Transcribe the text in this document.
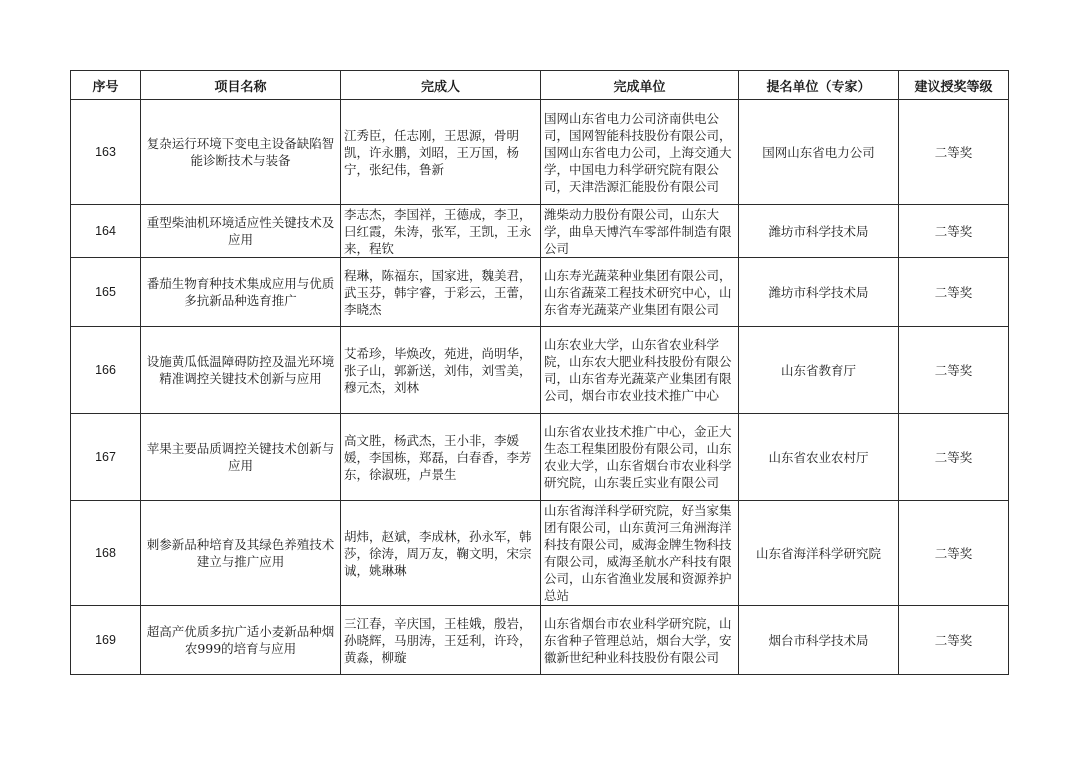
序号	项目名称	完成人	完成单位	提名单位（专家）	建议授奖等级
163	复杂运行环境下变电主设备缺陷智能诊断技术与装备	江秀臣，任志刚，王思源，骨明凯，许永鹏，刘昭，王万国，杨宁，张纪伟，鲁新	国网山东省电力公司济南供电公司，国网智能科技股份有限公司，国网山东省电力公司，上海交通大学，中国电力科学研究院有限公司，天津浩源汇能股份有限公司	国网山东省电力公司	二等奖
164	重型柴油机环境适应性关键技术及应用	李志杰，李国祥，王德成，李卫，曰红霞，朱涛，张军，王凯，王永来，程钦	潍柴动力股份有限公司，山东大学，曲阜天博汽车零部件制造有限公司	潍坊市科学技术局	二等奖
165	番茄生物育种技术集成应用与优质多抗新品种选育推广	程琳，陈福东，国家进，魏美君，武玉芬，韩宇睿，于彩云，王蕾，李晓杰	山东寿光蔬菜种业集团有限公司，山东省蔬菜工程技术研究中心，山东省寿光蔬菜产业集团有限公司	潍坊市科学技术局	二等奖
166	设施黄瓜低温障碍防控及温光环境精准调控关键技术创新与应用	艾希珍，毕焕改，苑进，尚明华，张子山，郭新送，刘伟，刘雪美，穆元杰，刘林	山东农业大学，山东省农业科学院，山东农大肥业科技股份有限公司，山东省寿光蔬菜产业集团有限公司，烟台市农业技术推广中心	山东省教育厅	二等奖
167	苹果主要品质调控关键技术创新与应用	高文胜，杨武杰，王小非，李媛媛，李国栋，郑磊，白春香，李芳东，徐淑班，卢景生	山东省农业技术推广中心，金正大生态工程集团股份有限公司，山东农业大学，山东省烟台市农业科学研究院，山东裴丘实业有限公司	山东省农业农村厅	二等奖
168	刺参新品种培育及其绿色养殖技术建立与推广应用	胡炜，赵斌，李成林，孙永军，韩莎，徐涛，周万友，鞠文明，宋宗诚，姚琳琳	山东省海洋科学研究院，好当家集团有限公司，山东黄河三角洲海洋科技有限公司，威海金牌生物科技有限公司，威海圣航水产科技有限公司，山东省渔业发展和资源养护总站	山东省海洋科学研究院	二等奖
169	超高产优质多抗广适小麦新品种烟农999的培育与应用	三江春，辛庆国，王桂娥，殷岩，孙晓辉，马朋涛，王廷利，许玲，黄淼，柳璇	山东省烟台市农业科学研究院，山东省种子管理总站，烟台大学，安徽新世纪种业科技股份有限公司	烟台市科学技术局	二等奖
